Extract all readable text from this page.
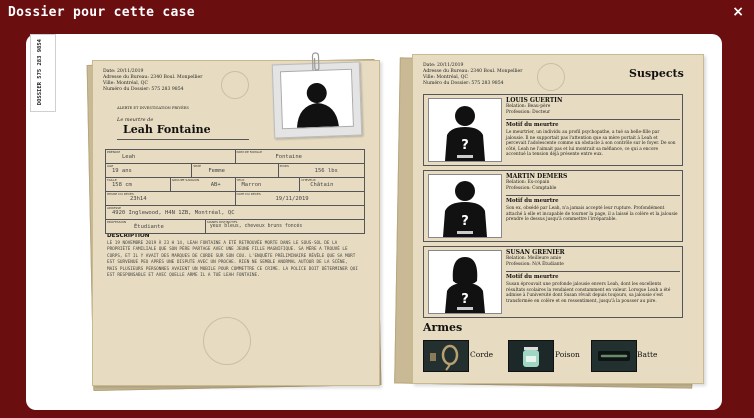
Dossier pour cette case	×
DOSSIER 575 283 9854	Date: 20/11/2019
Adresse du Bureau: 2340 Boul. Monpellier
Ville: Montréal, QC
Numéro du Dossier: 575 283 9854
ALERTE ET INVESTIGATION PRIVÉES
Le meurtre de
Leah Fontaine
DESCRIPTION
LE 19 NOVEMBRE 2019 À 23 H 14, LEAH FONTAINE A ÉTÉ RETROUVÉE MORTE DANS LE SOUS-SOL DE LA PROPRIÉTÉ FAMILIALE QUE SON PÈRE PARTAGE AVEC UNE JEUNE FILLE MAGNIFIQUE. SA MÈRE A TROUVÉ LE CORPS, ET IL Y AVAIT DES MARQUES DE CORDE SUR SON COU. L'ENQUÊTE PRÉLIMINAIRE RÉVÈLE QUE SA MORT EST SURVENUE PEU APRÈS UNE DISPUTE AVEC UN PROCHE. RIEN NE SEMBLE ANORMAL AUTOUR DE LA SCÈNE, MAIS PLUSIEURS PERSONNES AVAIENT UN MOBILE POUR COMMETTRE CE CRIME. LA POLICE DOIT DÉTERMINER QUI EST RESPONSABLE ET AVEC QUELLE ARME IL A TUÉ LEAH FONTAINE.
PRÉNOM
Leah
NOM DE FAMILLE
Fontaine
ÂGE
19 ans
SEXE
Femme
POIDS
156 lbs
TAILLE
158 cm
GROUPE SANGUIN
AB+
YEUX
Marron
CHEVEUX
Châtain
HEURE DU DÉCÈS
23h14
DATE DU DÉCÈS
19/11/2019
ADRESSE
4920 Inglewood, H4N 1ZB, Montréal, QC
PROFESSION
Étudiante
SIGNES DISTINCTIFS
yeux bleus, cheveux bruns foncés
Date: 20/11/2019
Adresse du Bureau: 2340 Boul. Monpellier
Ville: Montréal, QC
Numéro du Dossier: 575 283 9854
Suspects
Armes
?
LOUIS GUERTIN
Relation: Beau-père
Profession: Docteur
Motif du meurtre
Le meurtrier, un individu au profil psychopathe, a tué sa belle-fille par jalousie. Il ne supportait pas l'attention que sa mère portait à Leah et percevait l'adolescente comme un obstacle à son contrôle sur le foyer. De son côté, Leah ne l'aimait pas et lui montrait sa méfiance, ce qui a encore accentué la tension déjà présente entre eux.
?
MARTIN DEMERS
Relation: Ex-copain
Profession: Comptable
Motif du meurtre
Son ex, obsédé par Leah, n'a jamais accepté leur rupture. Profondément attaché à elle et incapable de tourner la page, il a laissé la colère et la jalousie prendre le dessus jusqu'à commettre l'irréparable.
?
SUSAN GRENIER
Relation: Meilleure amie
Profession: N/A Étudiante
Motif du meurtre
Susan éprouvait une profonde jalousie envers Leah, dont les excellents résultats scolaires la rendaient constamment en valeur. Lorsque Leah a été admise à l'université dont Susan rêvait depuis toujours, sa jalousie s'est transformée en colère et en ressentiment, jusqu'à la pousser au pire.
Corde	Poison	Batte
